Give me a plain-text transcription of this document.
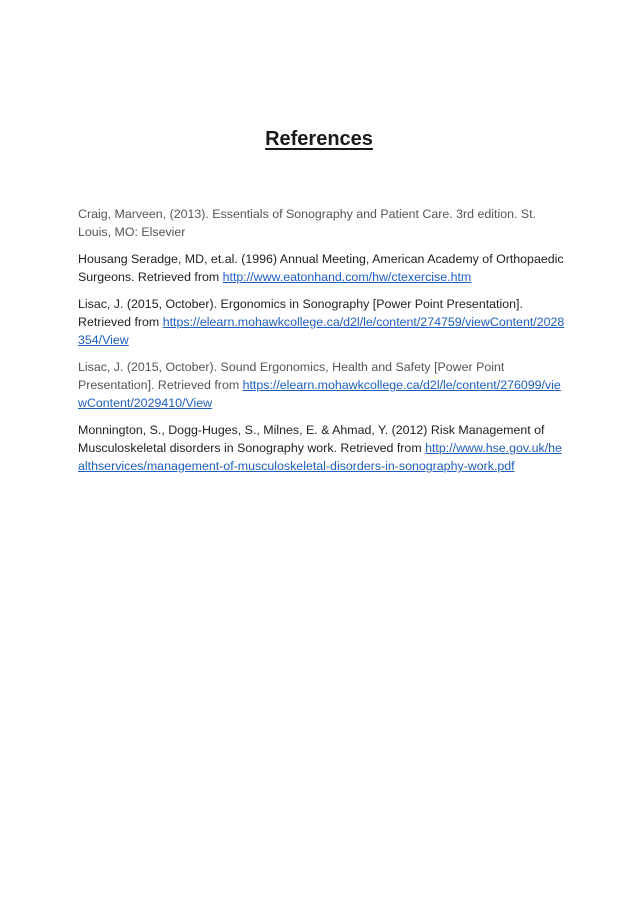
References

Craig, Marveen, (2013). Essentials of Sonography and Patient Care. 3rd edition. St. Louis, MO: Elsevier

Housang Seradge, MD, et.al. (1996) Annual Meeting, American Academy of Orthopaedic Surgeons. Retrieved from http://www.eatonhand.com/hw/ctexercise.htm

Lisac, J. (2015, October). Ergonomics in Sonography [Power Point Presentation]. Retrieved from https://elearn.mohawkcollege.ca/d2l/le/content/274759/viewContent/2028354/View

Lisac, J. (2015, October). Sound Ergonomics, Health and Safety [Power Point Presentation]. Retrieved from https://elearn.mohawkcollege.ca/d2l/le/content/276099/viewContent/2029410/View

Monnington, S., Dogg-Huges, S., Milnes, E. & Ahmad, Y. (2012) Risk Management of Musculoskeletal disorders in Sonography work. Retrieved from http://www.hse.gov.uk/healthservices/management-of-musculoskeletal-disorders-in-sonography-work.pdf
